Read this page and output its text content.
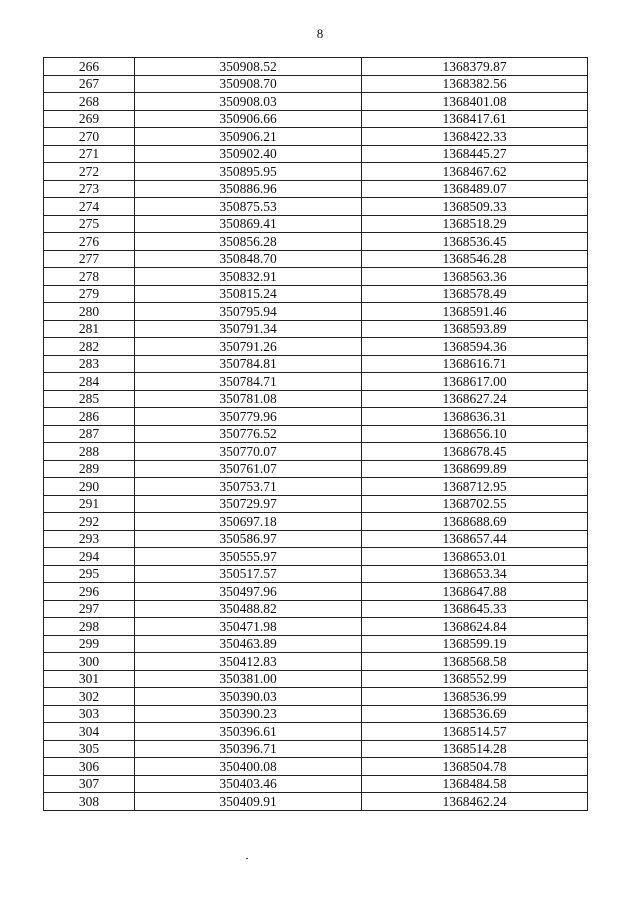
8
266	350908.52	1368379.87
267	350908.70	1368382.56
268	350908.03	1368401.08
269	350906.66	1368417.61
270	350906.21	1368422.33
271	350902.40	1368445.27
272	350895.95	1368467.62
273	350886.96	1368489.07
274	350875.53	1368509.33
275	350869.41	1368518.29
276	350856.28	1368536.45
277	350848.70	1368546.28
278	350832.91	1368563.36
279	350815.24	1368578.49
280	350795.94	1368591.46
281	350791.34	1368593.89
282	350791.26	1368594.36
283	350784.81	1368616.71
284	350784.71	1368617.00
285	350781.08	1368627.24
286	350779.96	1368636.31
287	350776.52	1368656.10
288	350770.07	1368678.45
289	350761.07	1368699.89
290	350753.71	1368712.95
291	350729.97	1368702.55
292	350697.18	1368688.69
293	350586.97	1368657.44
294	350555.97	1368653.01
295	350517.57	1368653.34
296	350497.96	1368647.88
297	350488.82	1368645.33
298	350471.98	1368624.84
299	350463.89	1368599.19
300	350412.83	1368568.58
301	350381.00	1368552.99
302	350390.03	1368536.99
303	350390.23	1368536.69
304	350396.61	1368514.57
305	350396.71	1368514.28
306	350400.08	1368504.78
307	350403.46	1368484.58
308	350409.91	1368462.24
